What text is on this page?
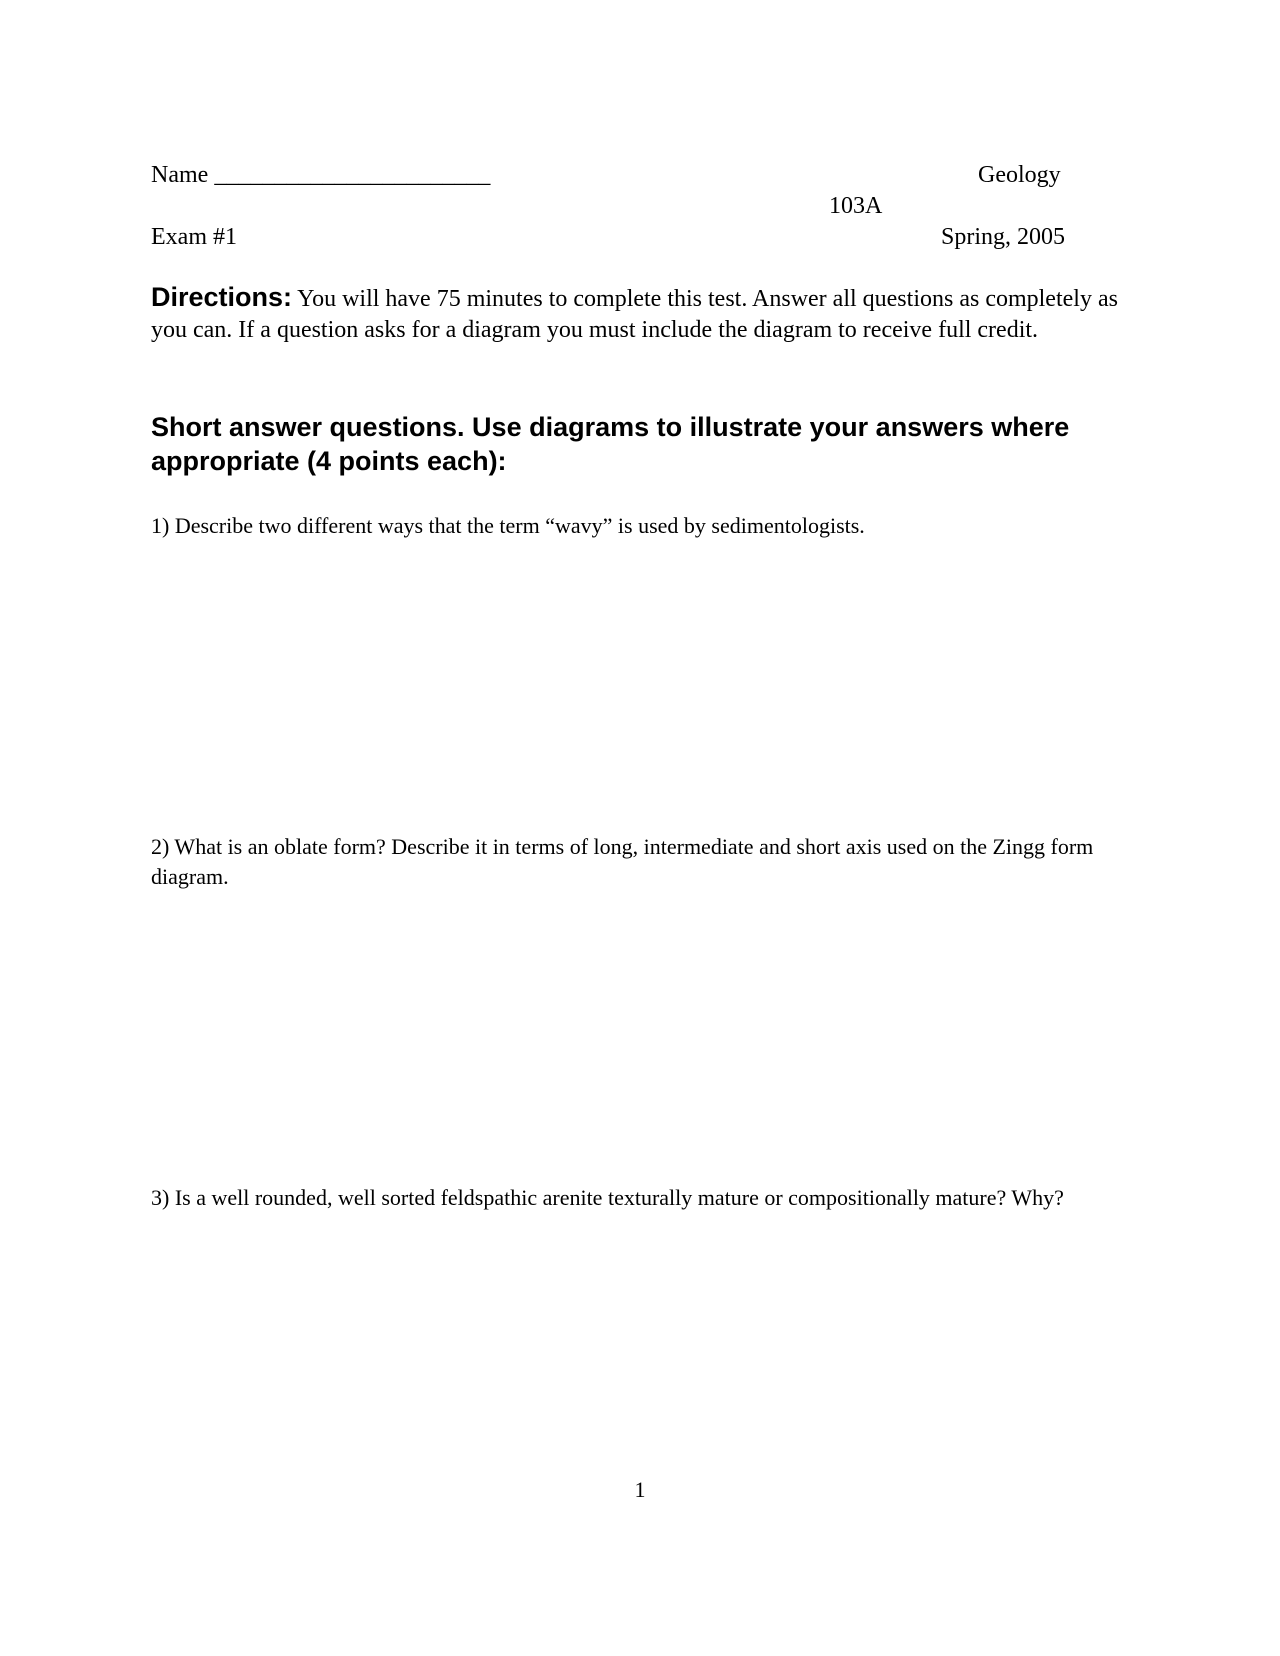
Name _______________________	Geology
103A
Exam #1	Spring, 2005
Directions: You will have 75 minutes to complete this test. Answer all questions as completely as you can. If a question asks for a diagram you must include the diagram to receive full credit.
Short answer questions. Use diagrams to illustrate your answers where appropriate (4 points each):
1) Describe two different ways that the term “wavy” is used by sedimentologists.
2) What is an oblate form? Describe it in terms of long, intermediate and short axis used on the Zingg form diagram.
3) Is a well rounded, well sorted feldspathic arenite texturally mature or compositionally mature? Why?
1
